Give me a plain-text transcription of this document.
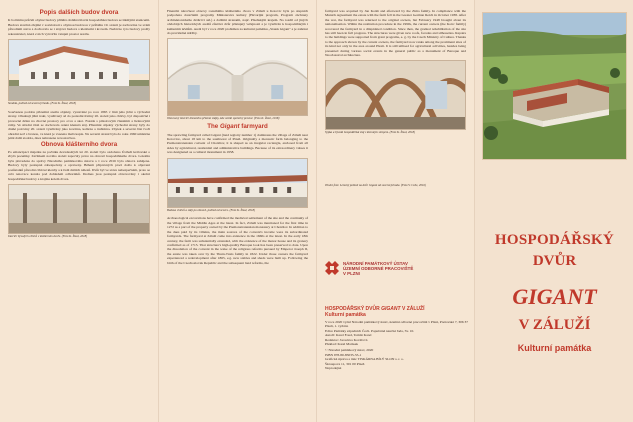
Popis dalších budov dvora

K bočnímu průčelí obytné budovy přiléhá obdélná hlavní hospodářská budova se šikmými stanicemi. Budova stavěná zřejmě v souvislosti s obytnou budovou v průběhu 19. století je zachována ve svém původním stavu a dochovala se i stájová budova s klenbami i krovem. Nedávno tyto budovy prošly rekonstrukcí, která z nich vytvořila vstupní prostor areálu.

Stodola, pohled od severovýchodu. (Foto K. Žizal, 2018)

Současnou podobu přízemní areálu objekty, vystavěné po roce 1865 v linii jeho jižní a východní strany. Obsahují jižní trakt, využívaný až do poslední třetiny 20. století jako chlévy, byl dispozičně i provozně dělen na chovné prostory pro ovce a skot. Fasáda s pilastrovým členěním a lizénovými rámy. Ve střední části se dochovala cenná klenutá stáj. Přízemní objekty východní strany byly do druhé poloviny 20. století využívány jako kovárna, kolárna a truhlárna. Zbytek a severní část tvoří ohradní zeď s branou, ve které je vsazena malá kaple. Na severní straně byla do roku 1960 umístěna ještě další stodola, dnes nahrazena novostavbou.

Obnova klášterního dvora

Po emancipaci majetku na počátku devadesátých let 20. století bylo ozdobeno Ústředí královské o zbylá pozemky. Začátkem nového století započaly práce na obnově hospodářského dvora. Lokalita byla převedena do správy Národního památkového ústavu a v roce 2016 byla obnova zahájena. Budovy byly postupně zabezpečeny a opraveny. Během přípravných prací došlo k objevení pozůstatků původní cihlové klenby a k řadě dalších nálezů. Dvůr byl ve stavu nebezpečném, proto se celá renovace konala pod dohledem odborníků. Dodnes jsou postupně obnovovány i okolní hospodářské budovy a krajina kolem dvora.

Interiér bývalých chlévů v klášterním dvoře. (Foto K. Žizal, 2018)

Finanční náročnost obnovy rozsáhlého klášterního dvora v Záluží u Kotovic byla po stupních podpořena dotačními programy Ministerstva kultury (Havarijní program, Program záchrany architektonického dědictví atd.) a dalšími stranami, např. Plzeňským krajem. Na rozdíl od jiných obdobných historických areálů zůstává dvůr přístupný veřejnosti a je využíván k hospodářským i kulturním účelům. Areál byl v roce 2020 prohlášen za kulturní památku „Statek Gigant" a je zahrnut do pravidelné údržby.

Obnovený interiér klenutého přízemí stájky, kde vznikl společný prostor. (Foto K. Žizal, 2018)

The Gigant farmyard

The sprawling farmyard called Gigant (land registry number 1) dominates the village of Záluží near Kotovice, about 18 km to the southwest of Plzeň. Originally a monastic farm belonging to the Premonstratensian convent of Chotěšov, it is shaped as an irregular rectangle, enclosed from all sides by agricultural, residential and administrative buildings. Because of its extraordinary values it was designated as a cultural monument in 1958.

Budova chlévů a stájí po obnově, pohled od severu. (Foto K. Žizal, 2018)

Archaeological excavations have confirmed the medieval settlement of the site and the continuity of the village from the Middle Ages at the latest. In fact, Záluží was mentioned for the first time in 1272 as a part of the property owned by the Premonstratensian monastery at Chotěšov. In addition to the dues paid by its villeins, the main sources of the convent's income were its subordinated farmyards. The farmyard at Záluží came into existence in the 1660s at the latest. In the early 18th century, the farm was substantially extended, with the existence of the manor house and its granary confirmed as of 1715. That structure's high-quality Baroque look has been preserved to date. Upon the dissolution of the convent in the wake of the religious reforms pursued by Emperor Joseph II, the estate was taken over by the Thurn-Taxis family in 1822. Under those owners the farmyard experienced a redevelopment after 1865, e.g. new stables and sheds were built up. Following the birth of the Czechoslovak Republic and the subsequent land reforms, the

farmyard was acquired by Jan Kotěš and afterward by the Zima family. In compliance with the Munich Agreement the estate with the farm fell in the Greater German Reich in October 1938. After the war, the farmyard was returned to the original owners, but February 1948 brought about its nationalisation. Within the restitution procedure in the 1990s, the current owners (the Kotrc family) recovered the farmyard in a dilapidated condition. Since then, the gradual rehabilitation of the site has still been in full progress. The structures were given new roofs, facades and silhouettes. Repairs to the buildings were supported from grant programs, e. g. by the Czech Ministry of Culture. Thanks to the approach shown by the current owners, the farmyard now ranks among the prominent sites of its kind not only in the area around Plzeň. It is still utilised for agricultural activities, besides being presented during various social events in the general public as a monument of Baroque and Neoclassical architecture.

Sýpka a bývalá hospodářská stáj s klenutým stropem. (Foto K. Žizal, 2018)

Titulní foto: Letecký pohled na dvůr Gigant od severovýchodu. (Foto V. Cebe, 2016)

NÁRODNÍ PAMÁTKOVÝ ÚSTAV
ÚZEMNÍ ODBORNÉ PRACOVIŠTĚ
V PLZNI
HOSPODÁŘSKÝ DVŮR GIGANT V ZÁLUŽÍ
Kulturní památka
V roce 2020 vydal Národní památkový ústav, územní odborné pracoviště v Plzni, Prešovská 7, 306 37 Plzeň, 1. vydání.
Edice Památky západních Čech. Populárně naučná řada, Sv. 10.
Autoři: Karel Foud, Tomáš Karel
Redaktor: Jaroslava Kovářová
Překlad: Karel Matásek
© Národní památkový ústav, 2020
ISBN 978-80-85035-55-1
Grafická úprava a tisk: TISKÁRNA BÍLÝ SLON s. r. o.
Škroupova 11, 301 00 Plzeň
Neprodejné
HOSPODÁŘSKÝ
DVŮR
GIGANT
V ZÁLUŽÍ
Kulturní památka
